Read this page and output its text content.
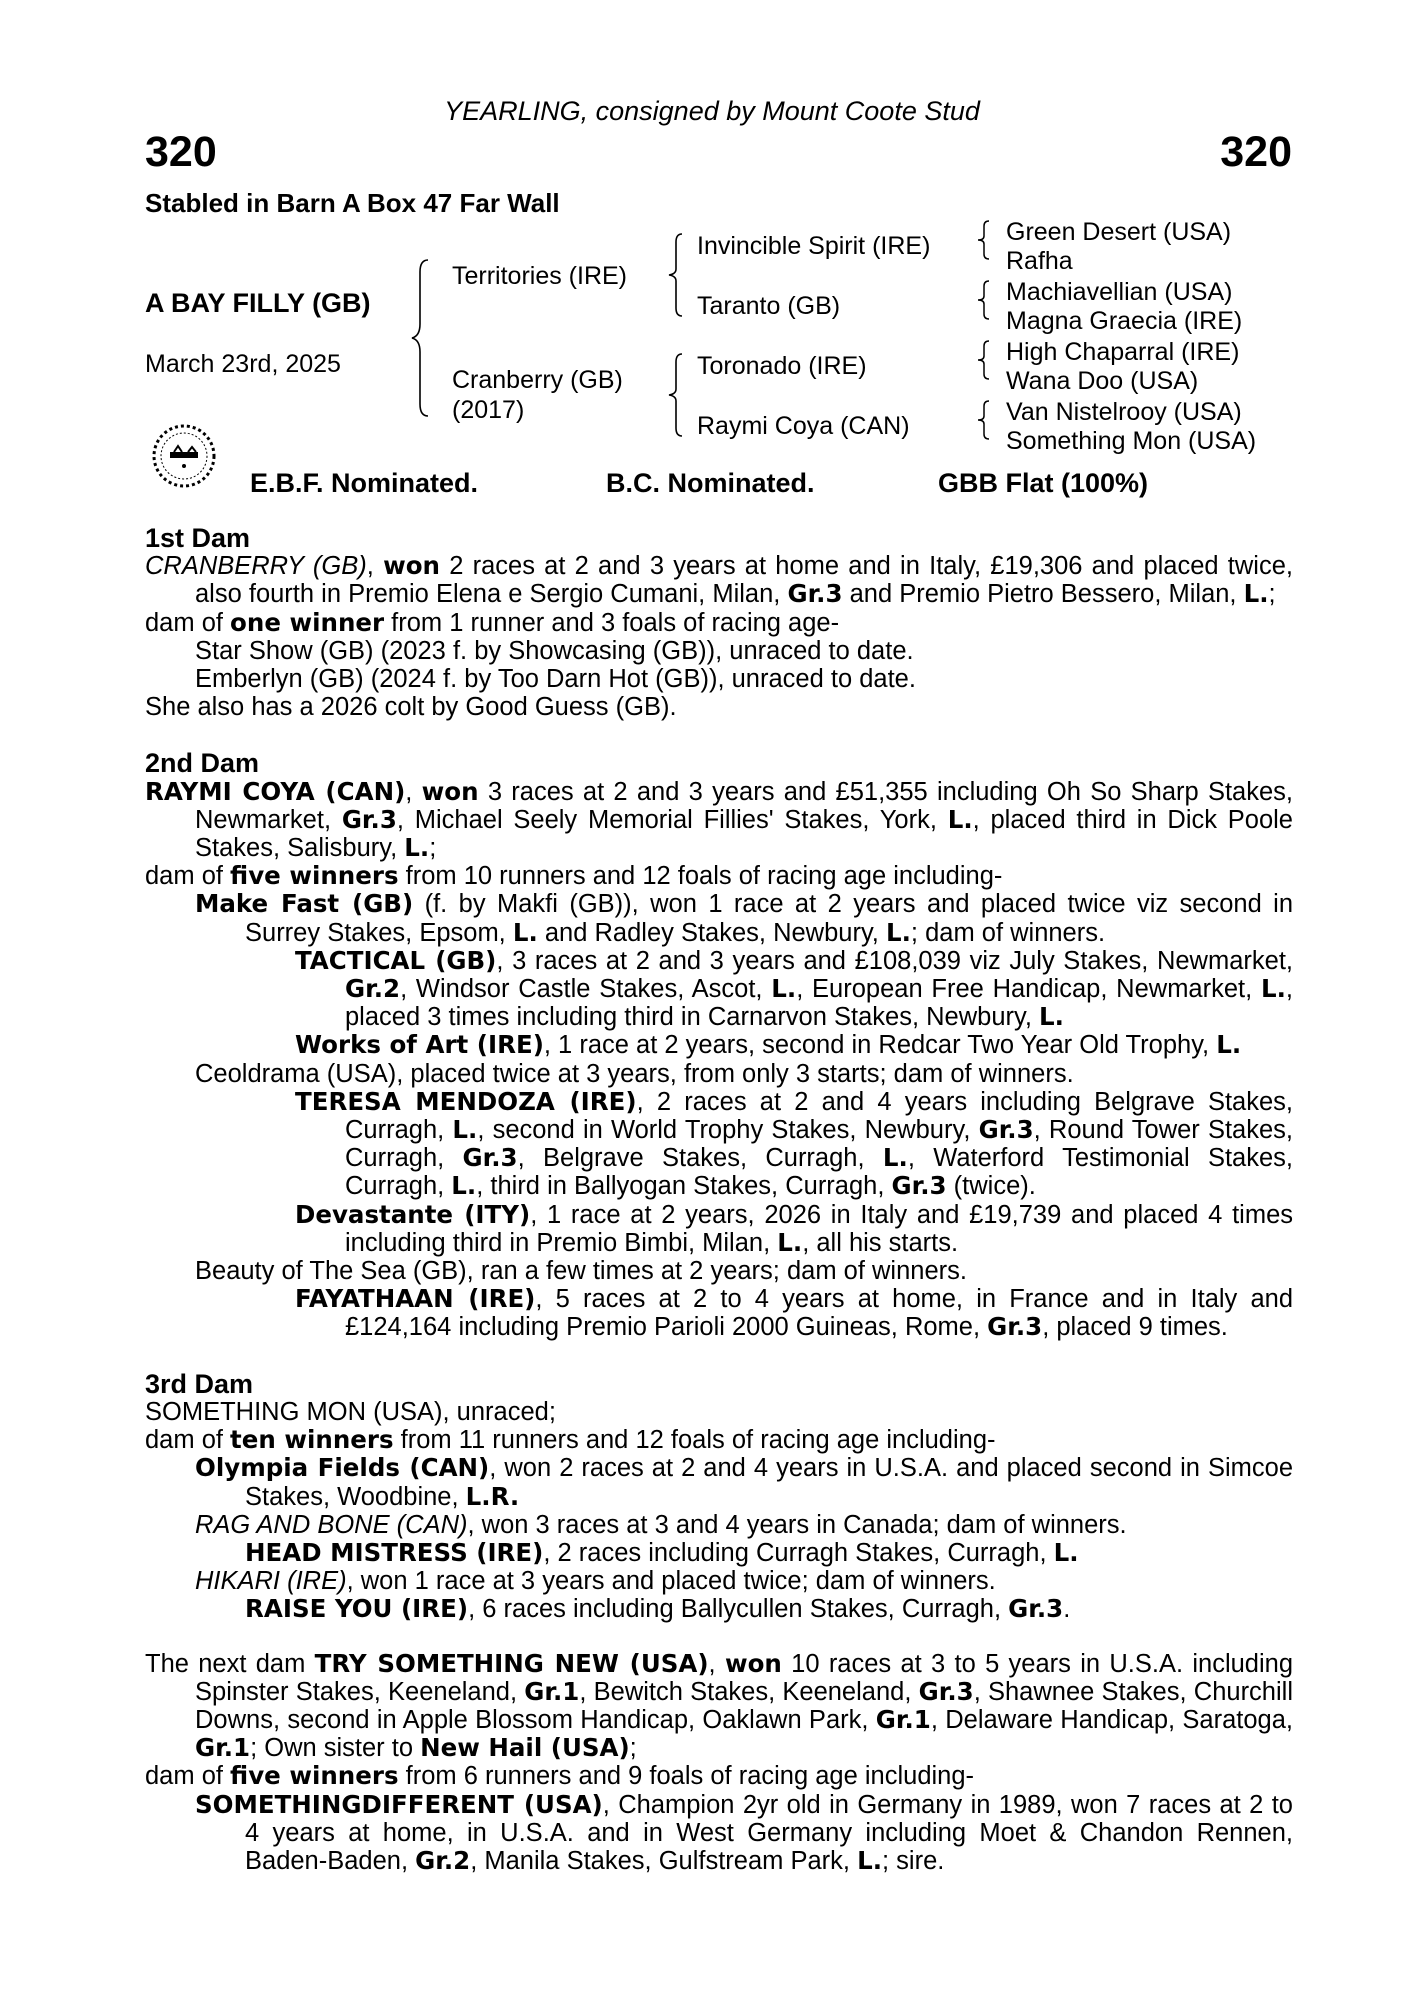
YEARLING, consigned by Mount Coote Stud
320	320
Stabled in Barn A Box 47 Far Wall
A BAY FILLY (GB)
March 23rd, 2025
Territories (IRE)
Cranberry (GB)
(2017)
Invincible Spirit (IRE)
Taranto (GB)
Toronado (IRE)
Raymi Coya (CAN)
Green Desert (USA)
Rafha
Machiavellian (USA)
Magna Graecia (IRE)
High Chaparral (IRE)
Wana Doo (USA)
Van Nistelrooy (USA)
Something Mon (USA)
E.B.F. Nominated.	B.C. Nominated.	GBB Flat (100%)

1st Dam

CRANBERRY (GB), won 2 races at 2 and 3 years at home and in Italy, £19,306 and placed twice, also fourth in Premio Elena e Sergio Cumani, Milan, Gr.3 and Premio Pietro Bessero, Milan, L.;

dam of one winner from 1 runner and 3 foals of racing age-

Star Show (GB) (2023 f. by Showcasing (GB)), unraced to date.

Emberlyn (GB) (2024 f. by Too Darn Hot (GB)), unraced to date.

She also has a 2026 colt by Good Guess (GB).

2nd Dam

RAYMI COYA (CAN), won 3 races at 2 and 3 years and £51,355 including Oh So Sharp Stakes, Newmarket, Gr.3, Michael Seely Memorial Fillies' Stakes, York, L., placed third in Dick Poole Stakes, Salisbury, L.;

dam of five winners from 10 runners and 12 foals of racing age including-

Make Fast (GB) (f. by Makfi (GB)), won 1 race at 2 years and placed twice viz second in Surrey Stakes, Epsom, L. and Radley Stakes, Newbury, L.; dam of winners.

TACTICAL (GB), 3 races at 2 and 3 years and £108,039 viz July Stakes, Newmarket, Gr.2, Windsor Castle Stakes, Ascot, L., European Free Handicap, Newmarket, L., placed 3 times including third in Carnarvon Stakes, Newbury, L.

Works of Art (IRE), 1 race at 2 years, second in Redcar Two Year Old Trophy, L.

Ceoldrama (USA), placed twice at 3 years, from only 3 starts; dam of winners.

TERESA MENDOZA (IRE), 2 races at 2 and 4 years including Belgrave Stakes, Curragh, L., second in World Trophy Stakes, Newbury, Gr.3, Round Tower Stakes, Curragh, Gr.3, Belgrave Stakes, Curragh, L., Waterford Testimonial Stakes, Curragh, L., third in Ballyogan Stakes, Curragh, Gr.3 (twice).

Devastante (ITY), 1 race at 2 years, 2026 in Italy and £19,739 and placed 4 times including third in Premio Bimbi, Milan, L., all his starts.

Beauty of The Sea (GB), ran a few times at 2 years; dam of winners.

FAYATHAAN (IRE), 5 races at 2 to 4 years at home, in France and in Italy and £124,164 including Premio Parioli 2000 Guineas, Rome, Gr.3, placed 9 times.

3rd Dam

SOMETHING MON (USA), unraced;

dam of ten winners from 11 runners and 12 foals of racing age including-

Olympia Fields (CAN), won 2 races at 2 and 4 years in U.S.A. and placed second in Simcoe Stakes, Woodbine, L.R.

RAG AND BONE (CAN), won 3 races at 3 and 4 years in Canada; dam of winners.

HEAD MISTRESS (IRE), 2 races including Curragh Stakes, Curragh, L.

HIKARI (IRE), won 1 race at 3 years and placed twice; dam of winners.

RAISE YOU (IRE), 6 races including Ballycullen Stakes, Curragh, Gr.3.

The next dam TRY SOMETHING NEW (USA), won 10 races at 3 to 5 years in U.S.A. including Spinster Stakes, Keeneland, Gr.1, Bewitch Stakes, Keeneland, Gr.3, Shawnee Stakes, Churchill Downs, second in Apple Blossom Handicap, Oaklawn Park, Gr.1, Delaware Handicap, Saratoga, Gr.1; Own sister to New Hail (USA);

dam of five winners from 6 runners and 9 foals of racing age including-

SOMETHINGDIFFERENT (USA), Champion 2yr old in Germany in 1989, won 7 races at 2 to 4 years at home, in U.S.A. and in West Germany including Moet & Chandon Rennen, Baden-Baden, Gr.2, Manila Stakes, Gulfstream Park, L.; sire.
